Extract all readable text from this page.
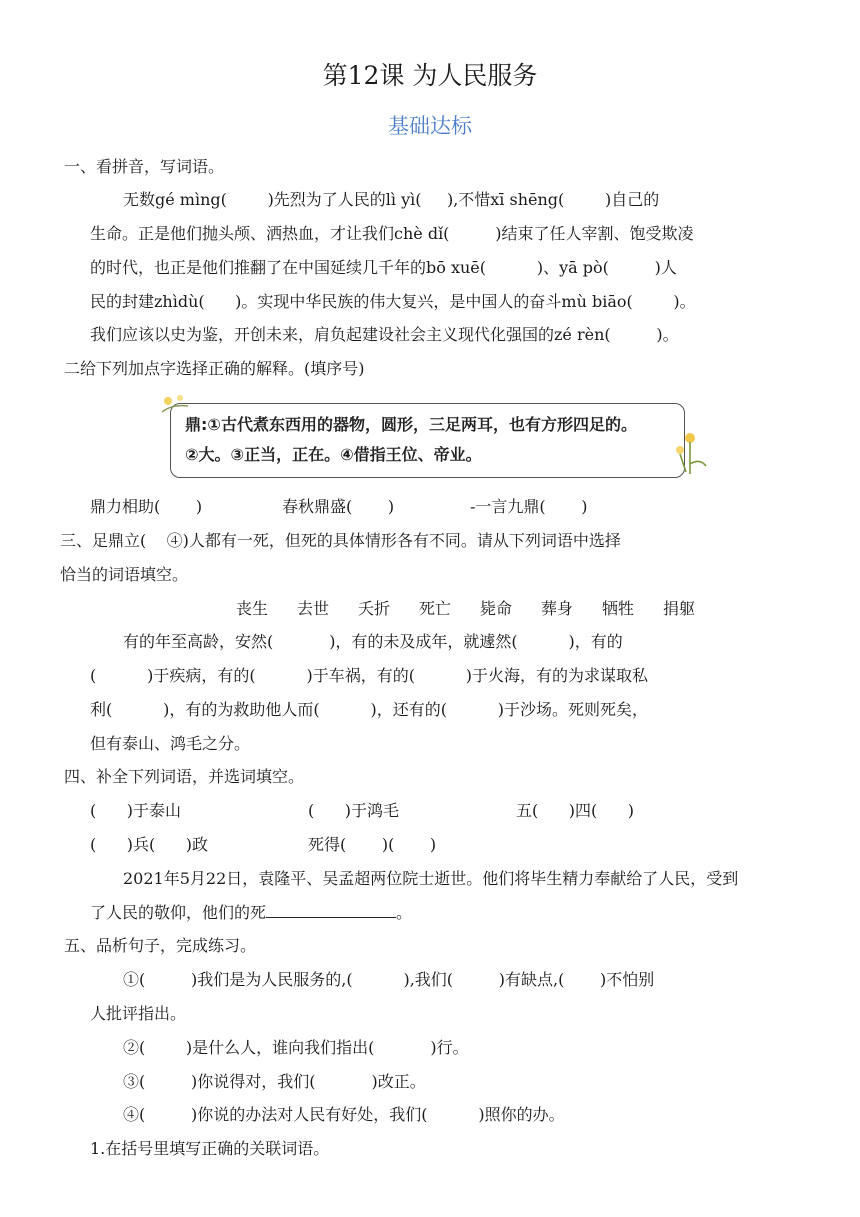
第12课 为人民服务
基础达标
一、看拼音，写词语。
无数gé mìng(        )先烈为了人民的lì yì(     ),不惜xī shēng(        )自己的
生命。正是他们抛头颅、洒热血，才让我们chè dǐ(         )结束了任人宰割、饱受欺凌
的时代，也正是他们推翻了在中国延续几千年的bō xuē(          )、yā pò(         )人
民的封建zhìdù(      )。实现中华民族的伟大复兴，是中国人的奋斗mù biāo(        )。
我们应该以史为鉴，开创未来，肩负起建设社会主义现代化强国的zé rèn(         )。
二给下列加点字选择正确的解释。(填序号)
鼎:①古代煮东西用的器物，圆形，三足两耳，也有方形四足的。
②大。③正当，正在。④借指王位、帝业。
鼎力相助(       )	春秋鼎盛(       )	-一言九鼎(       )
三、足鼎立(    ④)人都有一死，但死的具体情形各有不同。请从下列词语中选择
恰当的词语填空。
丧生 去世 夭折 死亡 毙命 葬身 牺牲 捐躯
有的年至高龄，安然(           )，有的未及成年，就遽然(          )，有的
(          )于疾病，有的(          )于车祸，有的(          )于火海，有的为求谋取私
利(          )，有的为救助他人而(          )，还有的(          )于沙场。死则死矣，
但有泰山、鸿毛之分。
四、补全下列词语，并选词填空。
(      )于泰山	(      )于鸿毛	五(      )四(      )
(      )兵(      )政	死得(       )(       )
2021年5月22日，袁隆平、吴孟超两位院士逝世。他们将毕生精力奉献给了人民，受到
了人民的敬仰，他们的死	。
五、品析句子，完成练习。
①(         )我们是为人民服务的,(          ),我们(         )有缺点,(       )不怕别
人批评指出。
②(        )是什么人，谁向我们指出(           )行。
③(         )你说得对，我们(           )改正。
④(         )你说的办法对人民有好处，我们(          )照你的办。
1.在括号里填写正确的关联词语。
